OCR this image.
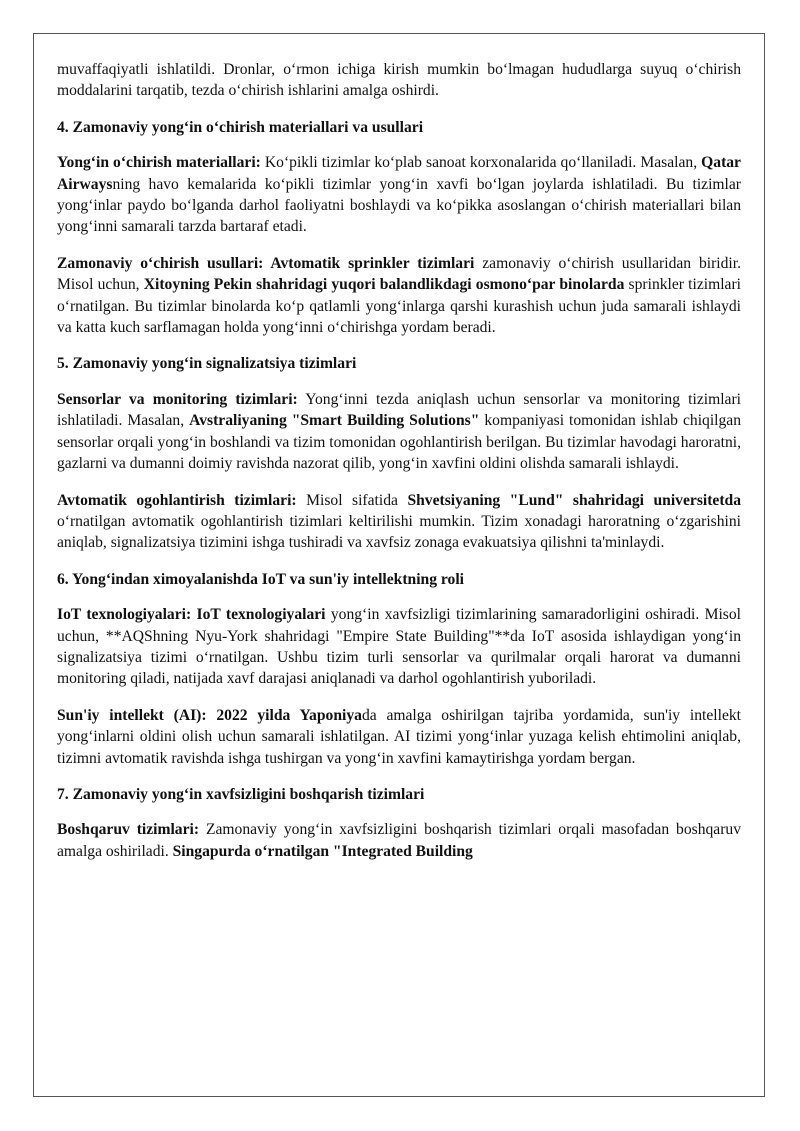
muvaffaqiyatli ishlatildi. Dronlar, o‘rmon ichiga kirish mumkin bo‘lmagan hududlarga suyuq o‘chirish moddalarini tarqatib, tezda o‘chirish ishlarini amalga oshirdi.

4. Zamonaviy yong‘in o‘chirish materiallari va usullari

Yong‘in o‘chirish materiallari: Ko‘pikli tizimlar ko‘plab sanoat korxonalarida qo‘llaniladi. Masalan, Qatar Airwaysning havo kemalarida ko‘pikli tizimlar yong‘in xavfi bo‘lgan joylarda ishlatiladi. Bu tizimlar yong‘inlar paydo bo‘lganda darhol faoliyatni boshlaydi va ko‘pikka asoslangan o‘chirish materiallari bilan yong‘inni samarali tarzda bartaraf etadi.

Zamonaviy o‘chirish usullari: Avtomatik sprinkler tizimlari zamonaviy o‘chirish usullaridan biridir. Misol uchun, Xitoyning Pekin shahridagi yuqori balandlikdagi osmono‘par binolarda sprinkler tizimlari o‘rnatilgan. Bu tizimlar binolarda ko‘p qatlamli yong‘inlarga qarshi kurashish uchun juda samarali ishlaydi va katta kuch sarflamagan holda yong‘inni o‘chirishga yordam beradi.

5. Zamonaviy yong‘in signalizatsiya tizimlari

Sensorlar va monitoring tizimlari: Yong‘inni tezda aniqlash uchun sensorlar va monitoring tizimlari ishlatiladi. Masalan, Avstraliyaning "Smart Building Solutions" kompaniyasi tomonidan ishlab chiqilgan sensorlar orqali yong‘in boshlandi va tizim tomonidan ogohlantirish berilgan. Bu tizimlar havodagi haroratni, gazlarni va dumanni doimiy ravishda nazorat qilib, yong‘in xavfini oldini olishda samarali ishlaydi.

Avtomatik ogohlantirish tizimlari: Misol sifatida Shvetsiyaning "Lund" shahridagi universitetda o‘rnatilgan avtomatik ogohlantirish tizimlari keltirilishi mumkin. Tizim xonadagi haroratning o‘zgarishini aniqlab, signalizatsiya tizimini ishga tushiradi va xavfsiz zonaga evakuatsiya qilishni ta'minlaydi.

6. Yong‘indan ximoyalanishda IoT va sun'iy intellektning roli

IoT texnologiyalari: IoT texnologiyalari yong‘in xavfsizligi tizimlarining samaradorligini oshiradi. Misol uchun, **AQShning Nyu-York shahridagi "Empire State Building"**da IoT asosida ishlaydigan yong‘in signalizatsiya tizimi o‘rnatilgan. Ushbu tizim turli sensorlar va qurilmalar orqali harorat va dumanni monitoring qiladi, natijada xavf darajasi aniqlanadi va darhol ogohlantirish yuboriladi.

Sun'iy intellekt (AI): 2022 yilda Yaponiyada amalga oshirilgan tajriba yordamida, sun'iy intellekt yong‘inlarni oldini olish uchun samarali ishlatilgan. AI tizimi yong‘inlar yuzaga kelish ehtimolini aniqlab, tizimni avtomatik ravishda ishga tushirgan va yong‘in xavfini kamaytirishga yordam bergan.

7. Zamonaviy yong‘in xavfsizligini boshqarish tizimlari

Boshqaruv tizimlari: Zamonaviy yong‘in xavfsizligini boshqarish tizimlari orqali masofadan boshqaruv amalga oshiriladi. Singapurda o‘rnatilgan "Integrated Building
